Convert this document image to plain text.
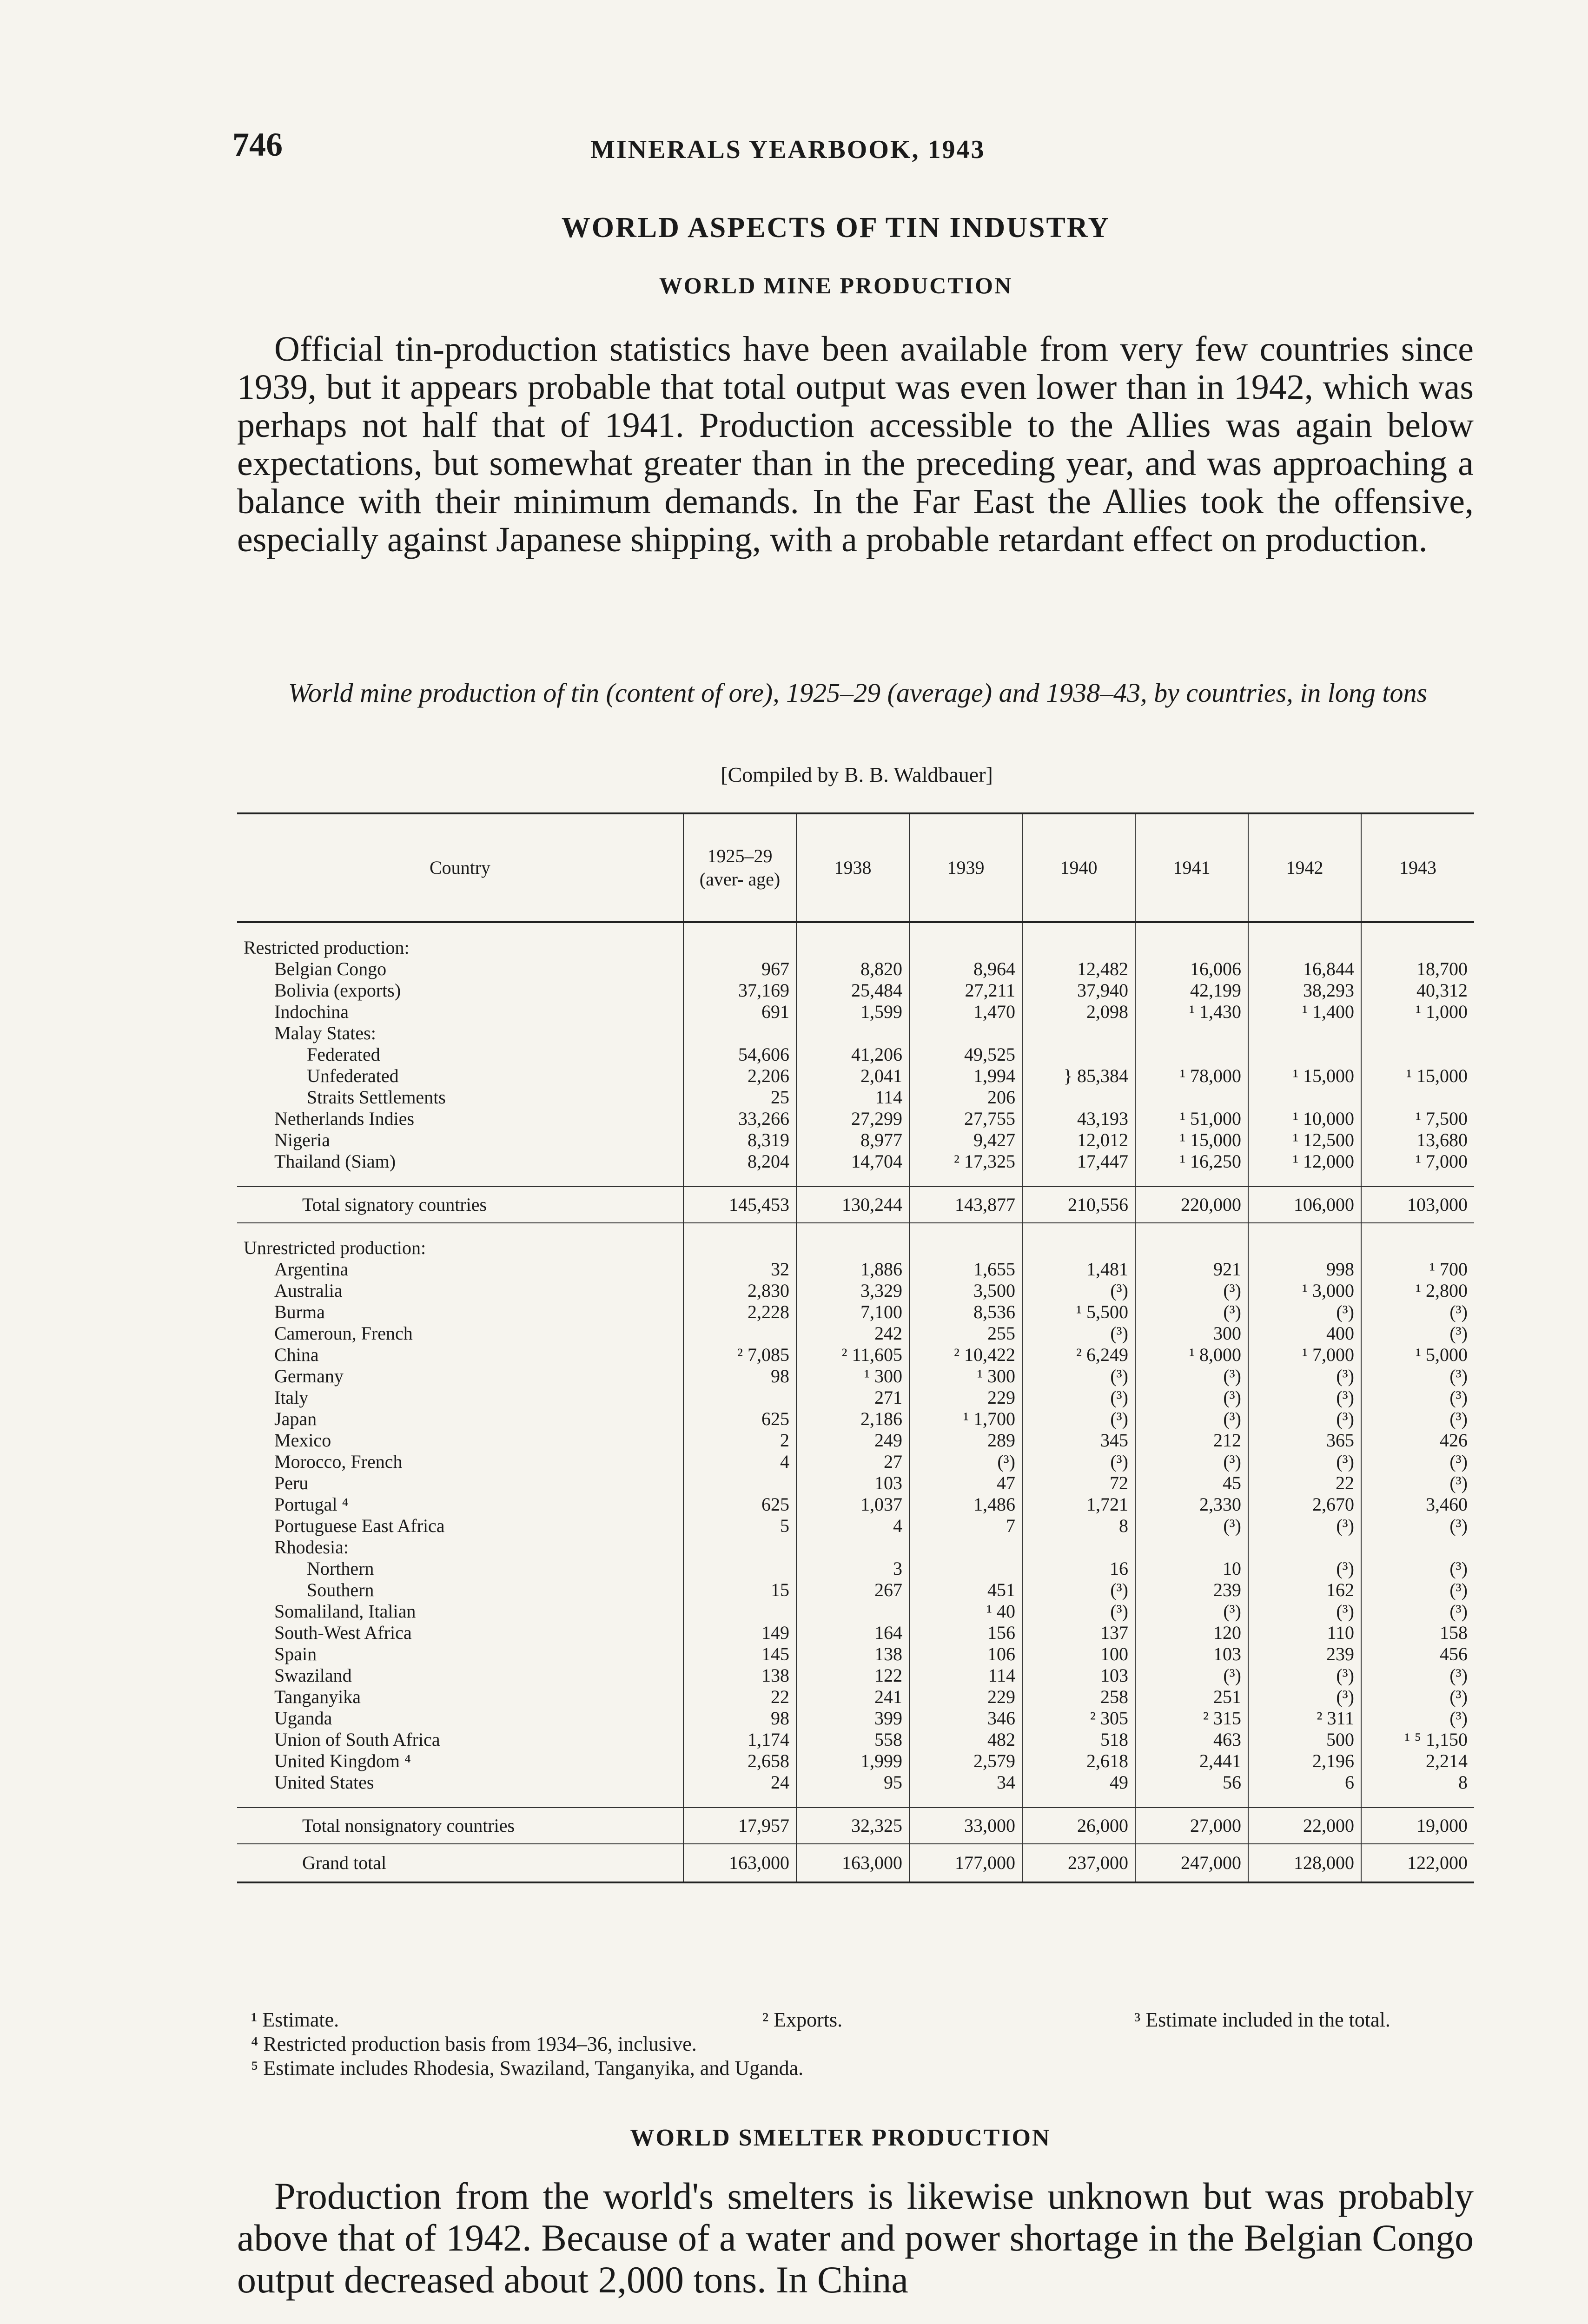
746	MINERALS YEARBOOK, 1943
WORLD ASPECTS OF TIN INDUSTRY
WORLD MINE PRODUCTION
Official tin-production statistics have been available from very few countries since 1939, but it appears probable that total output was even lower than in 1942, which was perhaps not half that of 1941. Production accessible to the Allies was again below expectations, but somewhat greater than in the preceding year, and was approaching a balance with their minimum demands. In the Far East the Allies took the offensive, especially against Japanese shipping, with a probable retardant effect on production.
World mine production of tin (content of ore), 1925–29 (average) and 1938–43, by countries, in long tons
[Compiled by B. B. Waldbauer]
Country	1925–29 (aver- age)	1938	1939	1940	1941	1942	1943

Restricted production:							
Belgian Congo	967	8,820	8,964	12,482	16,006	16,844	18,700
Bolivia (exports)	37,169	25,484	27,211	37,940	42,199	38,293	40,312
Indochina	691	1,599	1,470	2,098	¹ 1,430	¹ 1,400	¹ 1,000
Malay States:							
Federated	54,606	41,206	49,525				
Unfederated	2,206	2,041	1,994	} 85,384	¹ 78,000	¹ 15,000	¹ 15,000
Straits Settlements	25	114	206				
Netherlands Indies	33,266	27,299	27,755	43,193	¹ 51,000	¹ 10,000	¹ 7,500
Nigeria	8,319	8,977	9,427	12,012	¹ 15,000	¹ 12,500	13,680
Thailand (Siam)	8,204	14,704	² 17,325	17,447	¹ 16,250	¹ 12,000	¹ 7,000

Total signatory countries	145,453	130,244	143,877	210,556	220,000	106,000	103,000

Unrestricted production:							
Argentina	32	1,886	1,655	1,481	921	998	¹ 700
Australia	2,830	3,329	3,500	(³)	(³)	¹ 3,000	¹ 2,800
Burma	2,228	7,100	8,536	¹ 5,500	(³)	(³)	(³)
Cameroun, French		242	255	(³)	300	400	(³)
China	² 7,085	² 11,605	² 10,422	² 6,249	¹ 8,000	¹ 7,000	¹ 5,000
Germany	98	¹ 300	¹ 300	(³)	(³)	(³)	(³)
Italy		271	229	(³)	(³)	(³)	(³)
Japan	625	2,186	¹ 1,700	(³)	(³)	(³)	(³)
Mexico	2	249	289	345	212	365	426
Morocco, French	4	27	(³)	(³)	(³)	(³)	(³)
Peru		103	47	72	45	22	(³)
Portugal ⁴	625	1,037	1,486	1,721	2,330	2,670	3,460
Portuguese East Africa	5	4	7	8	(³)	(³)	(³)
Rhodesia:							
Northern		3		16	10	(³)	(³)
Southern	15	267	451	(³)	239	162	(³)
Somaliland, Italian			¹ 40	(³)	(³)	(³)	(³)
South-West Africa	149	164	156	137	120	110	158
Spain	145	138	106	100	103	239	456
Swaziland	138	122	114	103	(³)	(³)	(³)
Tanganyika	22	241	229	258	251	(³)	(³)
Uganda	98	399	346	² 305	² 315	² 311	(³)
Union of South Africa	1,174	558	482	518	463	500	¹ ⁵ 1,150
United Kingdom ⁴	2,658	1,999	2,579	2,618	2,441	2,196	2,214
United States	24	95	34	49	56	6	8

Total nonsignatory countries	17,957	32,325	33,000	26,000	27,000	22,000	19,000
Grand total	163,000	163,000	177,000	237,000	247,000	128,000	122,000
¹ Estimate.	² Exports.	³ Estimate included in the total.
⁴ Restricted production basis from 1934–36, inclusive.
⁵ Estimate includes Rhodesia, Swaziland, Tanganyika, and Uganda.
WORLD SMELTER PRODUCTION
Production from the world's smelters is likewise unknown but was probably above that of 1942. Because of a water and power shortage in the Belgian Congo output decreased about 2,000 tons. In China
